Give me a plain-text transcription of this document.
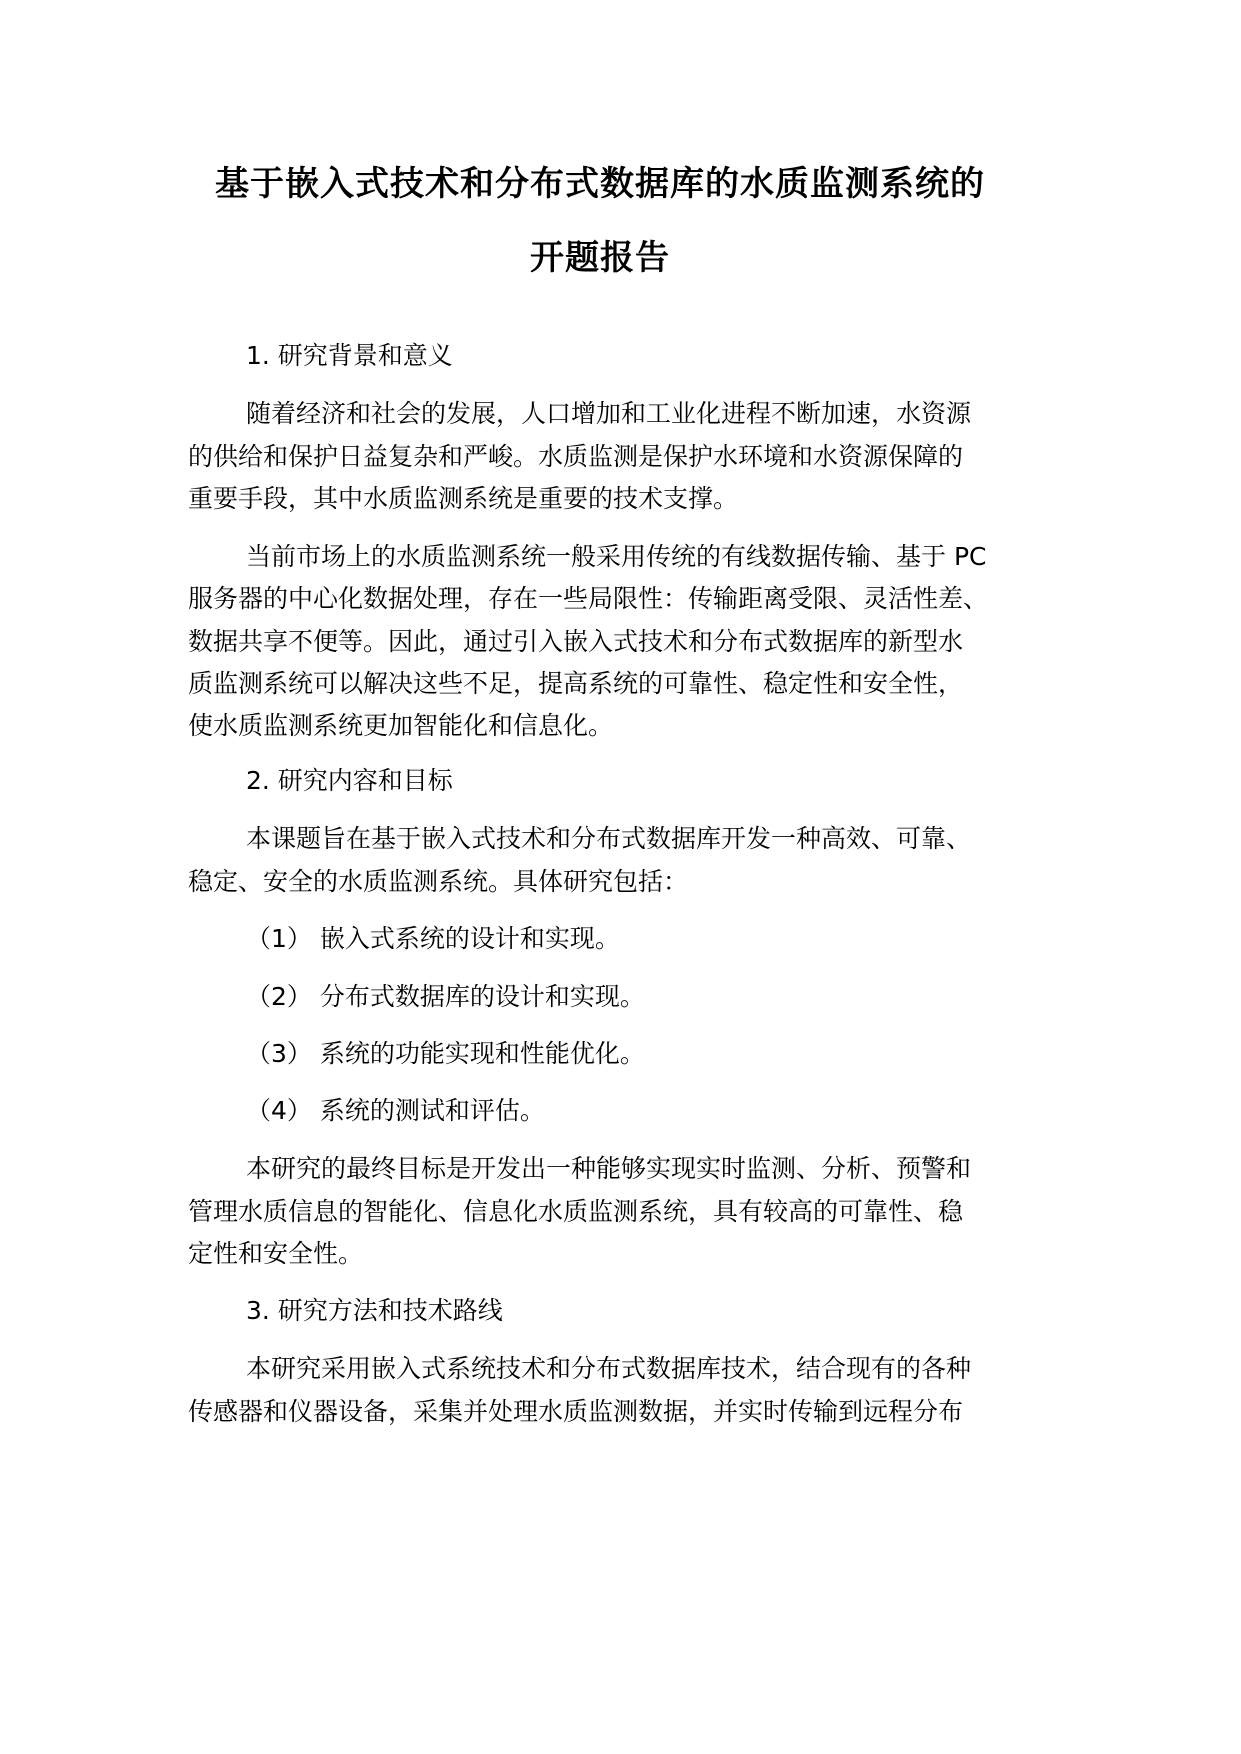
基于嵌入式技术和分布式数据库的水质监测系统的
开题报告
1. 研究背景和意义
随着经济和社会的发展，人口增加和工业化进程不断加速，水资源
的供给和保护日益复杂和严峻。水质监测是保护水环境和水资源保障的
重要手段，其中水质监测系统是重要的技术支撑。
当前市场上的水质监测系统一般采用传统的有线数据传输、基于 PC
服务器的中心化数据处理，存在一些局限性：传输距离受限、灵活性差、
数据共享不便等。因此，通过引入嵌入式技术和分布式数据库的新型水
质监测系统可以解决这些不足，提高系统的可靠性、稳定性和安全性，
使水质监测系统更加智能化和信息化。
2. 研究内容和目标
本课题旨在基于嵌入式技术和分布式数据库开发一种高效、可靠、
稳定、安全的水质监测系统。具体研究包括：
（1） 嵌入式系统的设计和实现。
（2） 分布式数据库的设计和实现。
（3） 系统的功能实现和性能优化。
（4） 系统的测试和评估。
本研究的最终目标是开发出一种能够实现实时监测、分析、预警和
管理水质信息的智能化、信息化水质监测系统，具有较高的可靠性、稳
定性和安全性。
3. 研究方法和技术路线
本研究采用嵌入式系统技术和分布式数据库技术，结合现有的各种
传感器和仪器设备，采集并处理水质监测数据，并实时传输到远程分布
